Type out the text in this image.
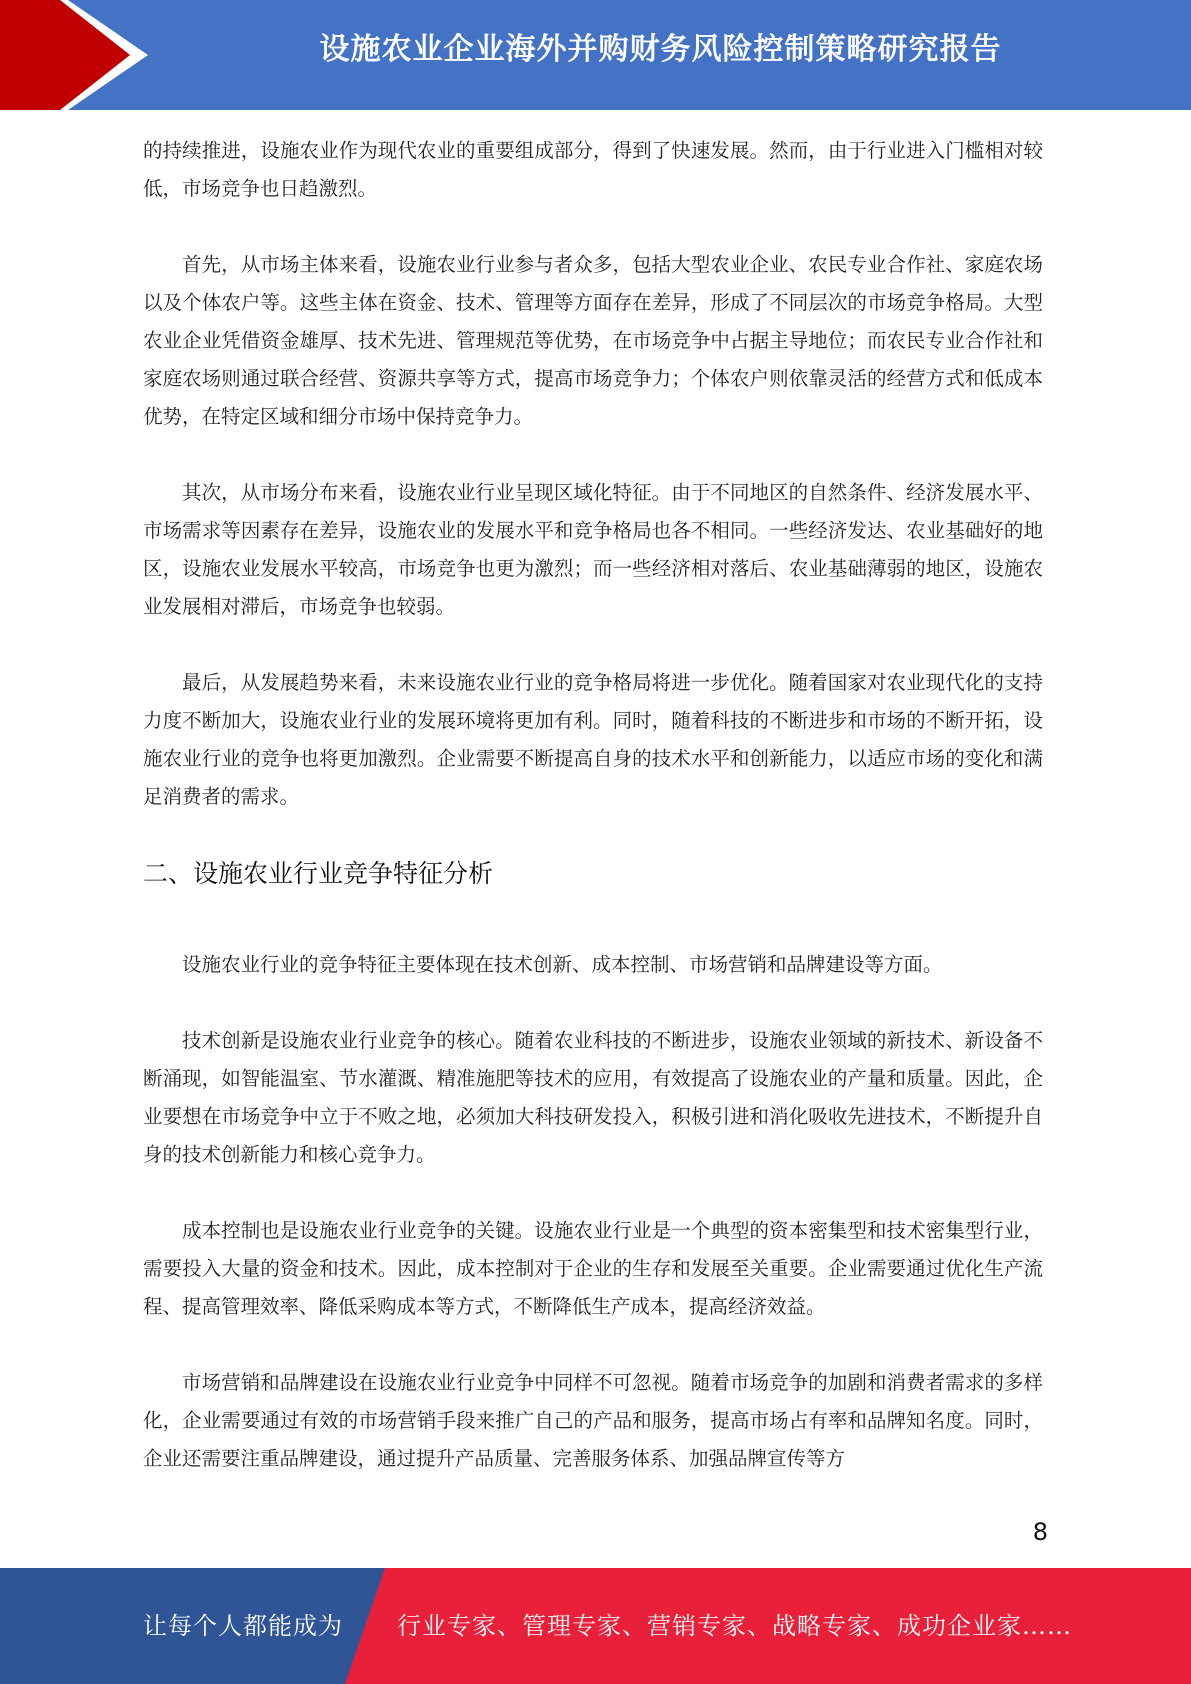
设施农业企业海外并购财务风险控制策略研究报告

的持续推进，设施农业作为现代农业的重要组成部分，得到了快速发展。然而，由于行业进入门槛相对较低，市场竞争也日趋激烈。

首先，从市场主体来看，设施农业行业参与者众多，包括大型农业企业、农民专业合作社、家庭农场以及个体农户等。这些主体在资金、技术、管理等方面存在差异，形成了不同层次的市场竞争格局。大型农业企业凭借资金雄厚、技术先进、管理规范等优势，在市场竞争中占据主导地位；而农民专业合作社和家庭农场则通过联合经营、资源共享等方式，提高市场竞争力；个体农户则依靠灵活的经营方式和低成本优势，在特定区域和细分市场中保持竞争力。

其次，从市场分布来看，设施农业行业呈现区域化特征。由于不同地区的自然条件、经济发展水平、市场需求等因素存在差异，设施农业的发展水平和竞争格局也各不相同。一些经济发达、农业基础好的地区，设施农业发展水平较高，市场竞争也更为激烈；而一些经济相对落后、农业基础薄弱的地区，设施农业发展相对滞后，市场竞争也较弱。

最后，从发展趋势来看，未来设施农业行业的竞争格局将进一步优化。随着国家对农业现代化的支持力度不断加大，设施农业行业的发展环境将更加有利。同时，随着科技的不断进步和市场的不断开拓，设施农业行业的竞争也将更加激烈。企业需要不断提高自身的技术水平和创新能力，以适应市场的变化和满足消费者的需求。

二、设施农业行业竞争特征分析

设施农业行业的竞争特征主要体现在技术创新、成本控制、市场营销和品牌建设等方面。

技术创新是设施农业行业竞争的核心。随着农业科技的不断进步，设施农业领域的新技术、新设备不断涌现，如智能温室、节水灌溉、精准施肥等技术的应用，有效提高了设施农业的产量和质量。因此，企业要想在市场竞争中立于不败之地，必须加大科技研发投入，积极引进和消化吸收先进技术，不断提升自身的技术创新能力和核心竞争力。

成本控制也是设施农业行业竞争的关键。设施农业行业是一个典型的资本密集型和技术密集型行业，需要投入大量的资金和技术。因此，成本控制对于企业的生存和发展至关重要。企业需要通过优化生产流程、提高管理效率、降低采购成本等方式，不断降低生产成本，提高经济效益。

市场营销和品牌建设在设施农业行业竞争中同样不可忽视。随着市场竞争的加剧和消费者需求的多样化，企业需要通过有效的市场营销手段来推广自己的产品和服务，提高市场占有率和品牌知名度。同时，企业还需要注重品牌建设，通过提升产品质量、完善服务体系、加强品牌宣传等方

8
让每个人都能成为 行业专家、管理专家、营销专家、战略专家、成功企业家……
